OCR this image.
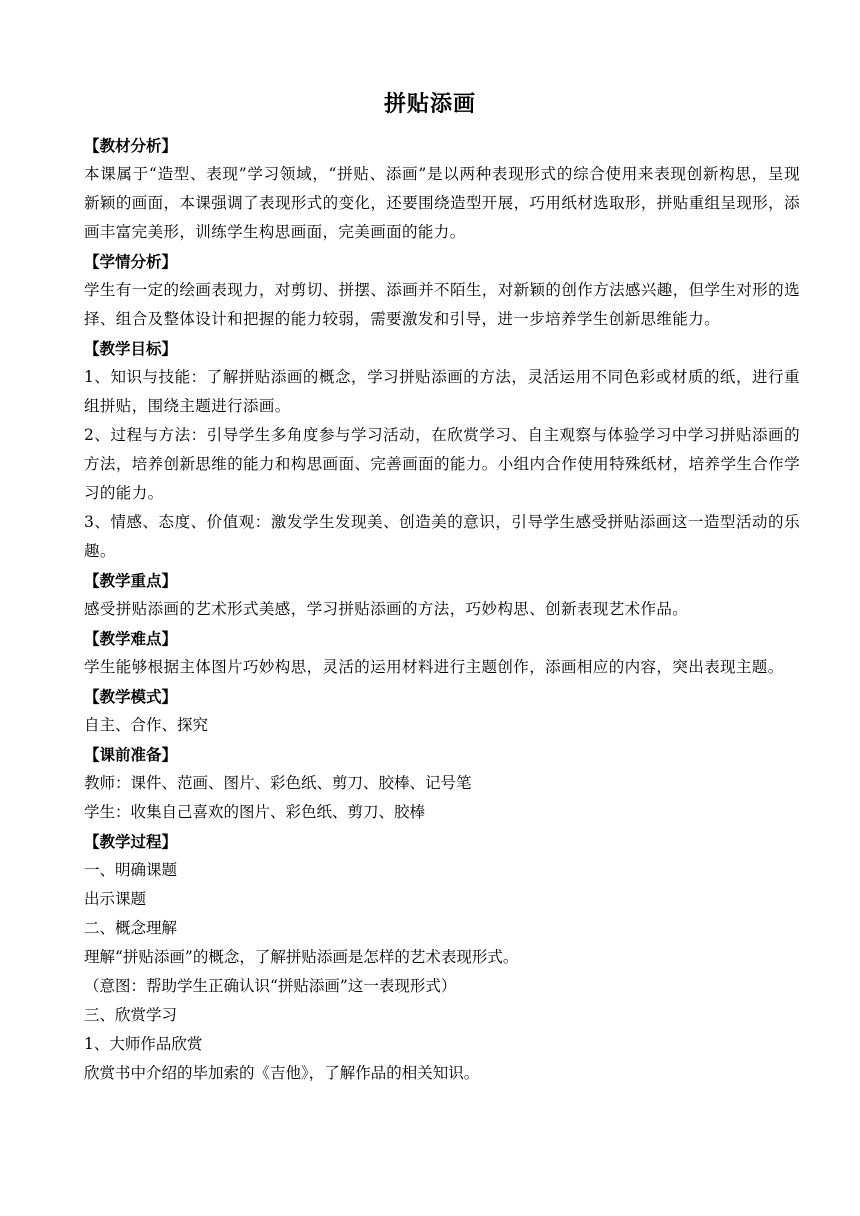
拼贴添画
【教材分析】
本课属于“造型、表现”学习领域，“拼贴、添画”是以两种表现形式的综合使用来表现创新构思，呈现新颖的画面，本课强调了表现形式的变化，还要围绕造型开展，巧用纸材选取形，拼贴重组呈现形，添画丰富完美形，训练学生构思画面，完美画面的能力。
【学情分析】
学生有一定的绘画表现力，对剪切、拼摆、添画并不陌生，对新颖的创作方法感兴趣，但学生对形的选择、组合及整体设计和把握的能力较弱，需要激发和引导，进一步培养学生创新思维能力。
【教学目标】
1、知识与技能：了解拼贴添画的概念，学习拼贴添画的方法，灵活运用不同色彩或材质的纸，进行重组拼贴，围绕主题进行添画。
2、过程与方法：引导学生多角度参与学习活动，在欣赏学习、自主观察与体验学习中学习拼贴添画的方法，培养创新思维的能力和构思画面、完善画面的能力。小组内合作使用特殊纸材，培养学生合作学习的能力。
3、情感、态度、价值观：激发学生发现美、创造美的意识，引导学生感受拼贴添画这一造型活动的乐趣。
【教学重点】
感受拼贴添画的艺术形式美感，学习拼贴添画的方法，巧妙构思、创新表现艺术作品。
【教学难点】
学生能够根据主体图片巧妙构思，灵活的运用材料进行主题创作，添画相应的内容，突出表现主题。
【教学模式】
自主、合作、探究
【课前准备】
教师：课件、范画、图片、彩色纸、剪刀、胶棒、记号笔
学生：收集自己喜欢的图片、彩色纸、剪刀、胶棒
【教学过程】
一、明确课题
出示课题
二、概念理解
理解“拼贴添画”的概念，了解拼贴添画是怎样的艺术表现形式。
（意图：帮助学生正确认识“拼贴添画”这一表现形式）
三、欣赏学习
1、大师作品欣赏
欣赏书中介绍的毕加索的《吉他》，了解作品的相关知识。
